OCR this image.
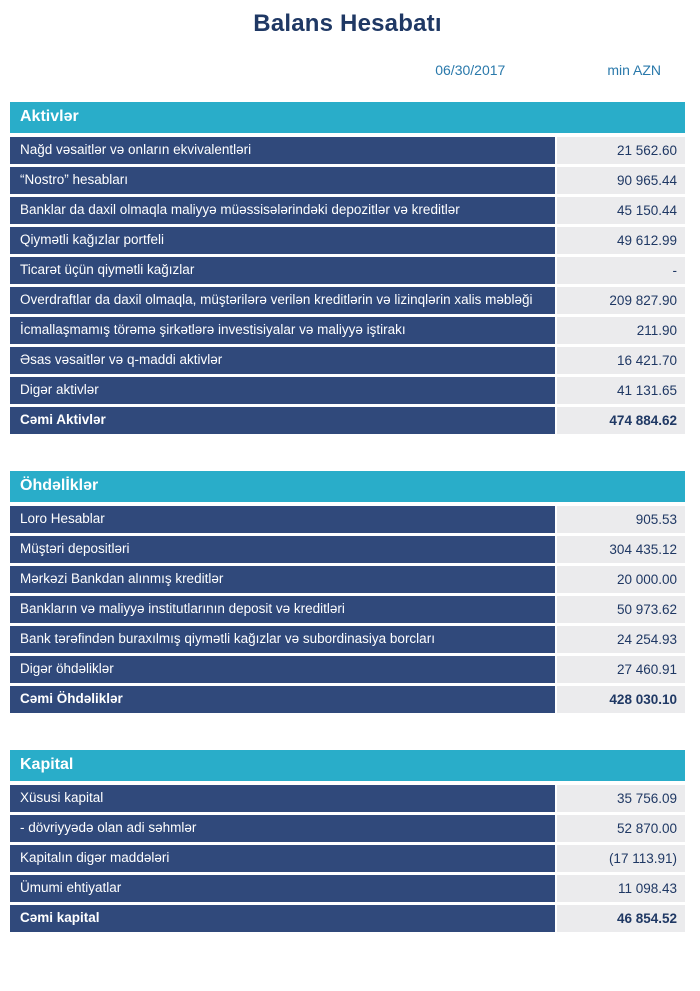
Balans Hesabatı
06/30/2017	min AZN
Aktivlər
Nağd vəsaitlər və onların ekvivalentləri	21 562.60
“Nostro” hesabları	90 965.44
Banklar da daxil olmaqla maliyyə müəssisələrindəki depozitlər və kreditlər	45 150.44
Qiymətli kağızlar portfeli	49 612.99
Ticarət üçün qiymətli kağızlar	-
Overdraftlar da daxil olmaqla, müştərilərə verilən kreditlərin və lizinqlərin xalis məbləği	209 827.90
İcmallaşmamış törəmə şirkətlərə investisiyalar və maliyyə iştirakı	211.90
Əsas vəsaitlər və q-maddi aktivlər	16 421.70
Digər aktivlər	41 131.65
Cəmi Aktivlər	474 884.62
Öhdəlİklər
Loro Hesablar	905.53
Müştəri depositləri	304 435.12
Mərkəzi Bankdan alınmış kreditlər	20 000.00
Bankların və maliyyə institutlarının deposit və kreditləri	50 973.62
Bank tərəfindən buraxılmış qiymətli kağızlar və subordinasiya borcları	24 254.93
Digər öhdəliklər	27 460.91
Cəmi Öhdəliklər	428 030.10
Kapital
Xüsusi kapital	35 756.09
- dövriyyədə olan adi səhmlər	52 870.00
Kapitalın digər maddələri	(17 113.91)
Ümumi ehtiyatlar	11 098.43
Cəmi kapital	46 854.52
